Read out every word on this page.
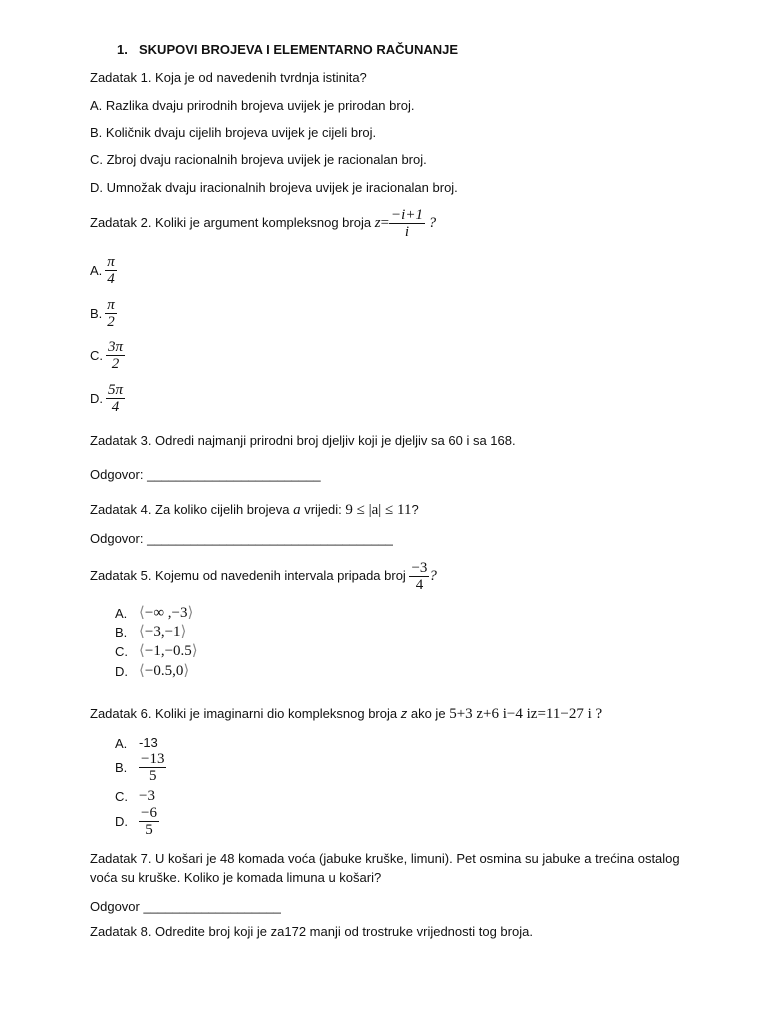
1. SKUPOVI BROJEVA I ELEMENTARNO RAČUNANJE
Zadatak 1. Koja je od navedenih tvrdnja istinita?
A. Razlika dvaju prirodnih brojeva uvijek je prirodan broj.
B. Količnik dvaju cijelih brojeva uvijek je cijeli broj.
C. Zbroj dvaju racionalnih brojeva uvijek je racionalan broj.
D. Umnožak dvaju iracionalnih brojeva uvijek je iracionalan broj.
Zadatak 2. Koliki je argument kompleksnog broja $z= \frac{-i+1}{i}$ ?
A. $\frac{\pi}{4}$
B. $\frac{\pi}{2}$
C. $\frac{3\pi}{2}$
D. $\frac{5\pi}{4}$
Zadatak 3. Odredi najmanji prirodni broj djeljiv koji je djeljiv sa 60 i sa 168.
Odgovor: ________________________
Zadatak 4. Za koliko cijelih brojeva a vrijedi: 9 ≤ |a| ≤ 11?
Odgovor: __________________________________
Zadatak 5. Kojemu od navedenih intervala pripada broj $\frac{-3}{4}$ ?
A. ⟨−∞ ,−3⟩
B. ⟨−3,−1⟩
C. ⟨−1,−0.5⟩
D. ⟨−0.5,0⟩
Zadatak 6. Koliki je imaginarni dio kompleksnog broja z ako je 5+3 z+6 i−4 iz=11−27 i ?
A. -13
B. $\frac{-13}{5}$
C. −3
D. $\frac{-6}{5}$
Zadatak 7. U košari je 48 komada voća (jabuke kruške, limuni). Pet osmina su jabuke a trećina ostalog
voća su kruške. Koliko je komada limuna u košari?
Odgovor ___________________
Zadatak 8. Odredite broj koji je za172 manji od trostruke vrijednosti tog broja.
